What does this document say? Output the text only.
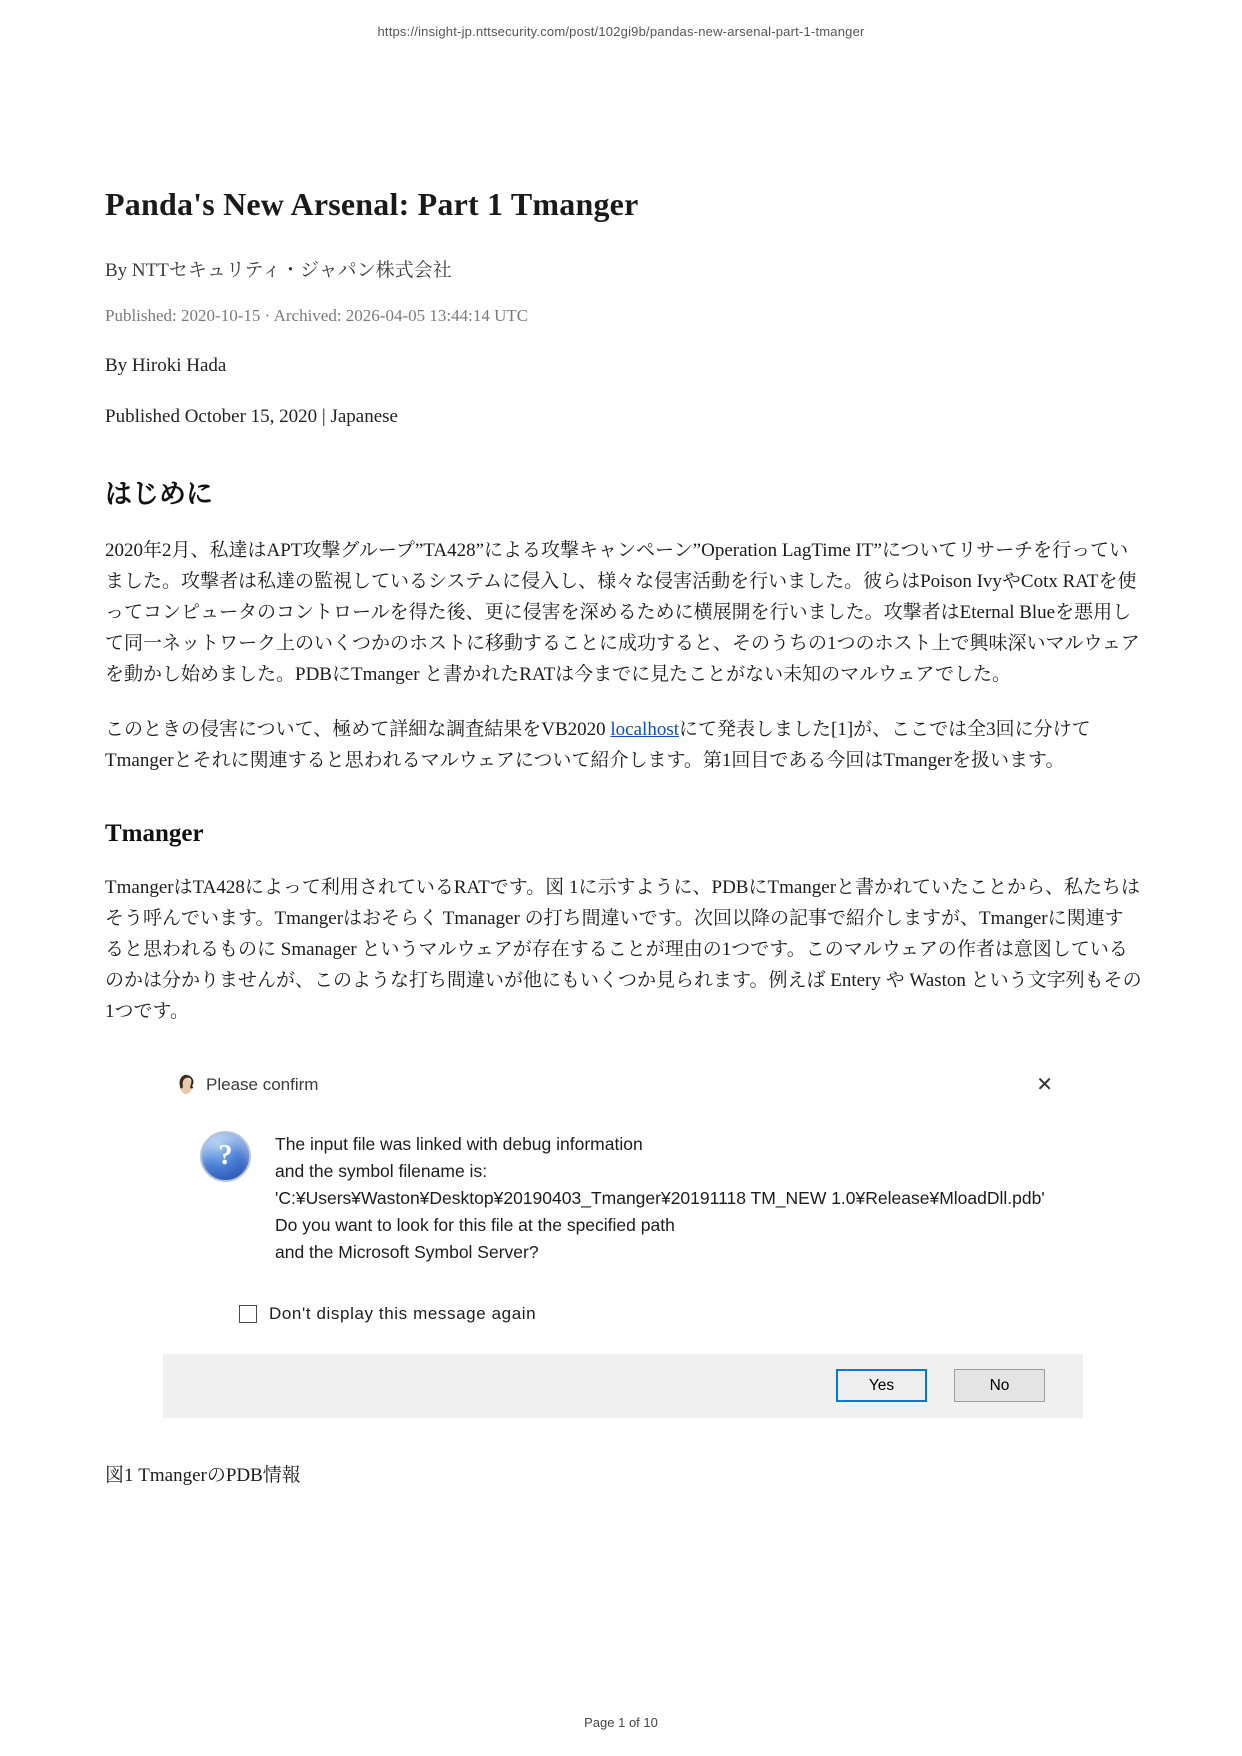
https://insight-jp.nttsecurity.com/post/102gi9b/pandas-new-arsenal-part-1-tmanger
Panda's New Arsenal: Part 1 Tmanger
By NTTセキュリティ・ジャパン株式会社
Published: 2020-10-15 · Archived: 2026-04-05 13:44:14 UTC
By Hiroki Hada
Published October 15, 2020 | Japanese
はじめに

2020年2月、私達はAPT攻撃グループ”TA428”による攻撃キャンペーン”Operation LagTime IT”についてリサーチを行っていました。攻撃者は私達の監視しているシステムに侵入し、様々な侵害活動を行いました。彼らはPoison IvyやCotx RATを使ってコンピュータのコントロールを得た後、更に侵害を深めるために横展開を行いました。攻撃者はEternal Blueを悪用して同一ネットワーク上のいくつかのホストに移動することに成功すると、そのうちの1つのホスト上で興味深いマルウェアを動かし始めました。PDBにTmanger と書かれたRATは今までに見たことがない未知のマルウェアでした。

このときの侵害について、極めて詳細な調査結果をVB2020 localhostにて発表しました[1]が、ここでは全3回に分けてTmangerとそれに関連すると思われるマルウェアについて紹介します。第1回目である今回はTmangerを扱います。

Tmanger

TmangerはTA428によって利用されているRATです。図 1に示すように、PDBにTmangerと書かれていたことから、私たちはそう呼んでいます。Tmangerはおそらく Tmanager の打ち間違いです。次回以降の記事で紹介しますが、Tmangerに関連すると思われるものに Smanager というマルウェアが存在することが理由の1つです。このマルウェアの作者は意図しているのかは分かりませんが、このような打ち間違いが他にもいくつか見られます。例えば Entery や Waston という文字列もその1つです。

Please confirm	✕
?	The input file was linked with debug information
and the symbol filename is:
'C:¥Users¥Waston¥Desktop¥20190403_Tmanger¥20191118 TM_NEW 1.0¥Release¥MloadDll.pdb'
Do you want to look for this file at the specified path
and the Microsoft Symbol Server?
Don't display this message again
Yes	No
図1 TmangerのPDB情報
Page 1 of 10
